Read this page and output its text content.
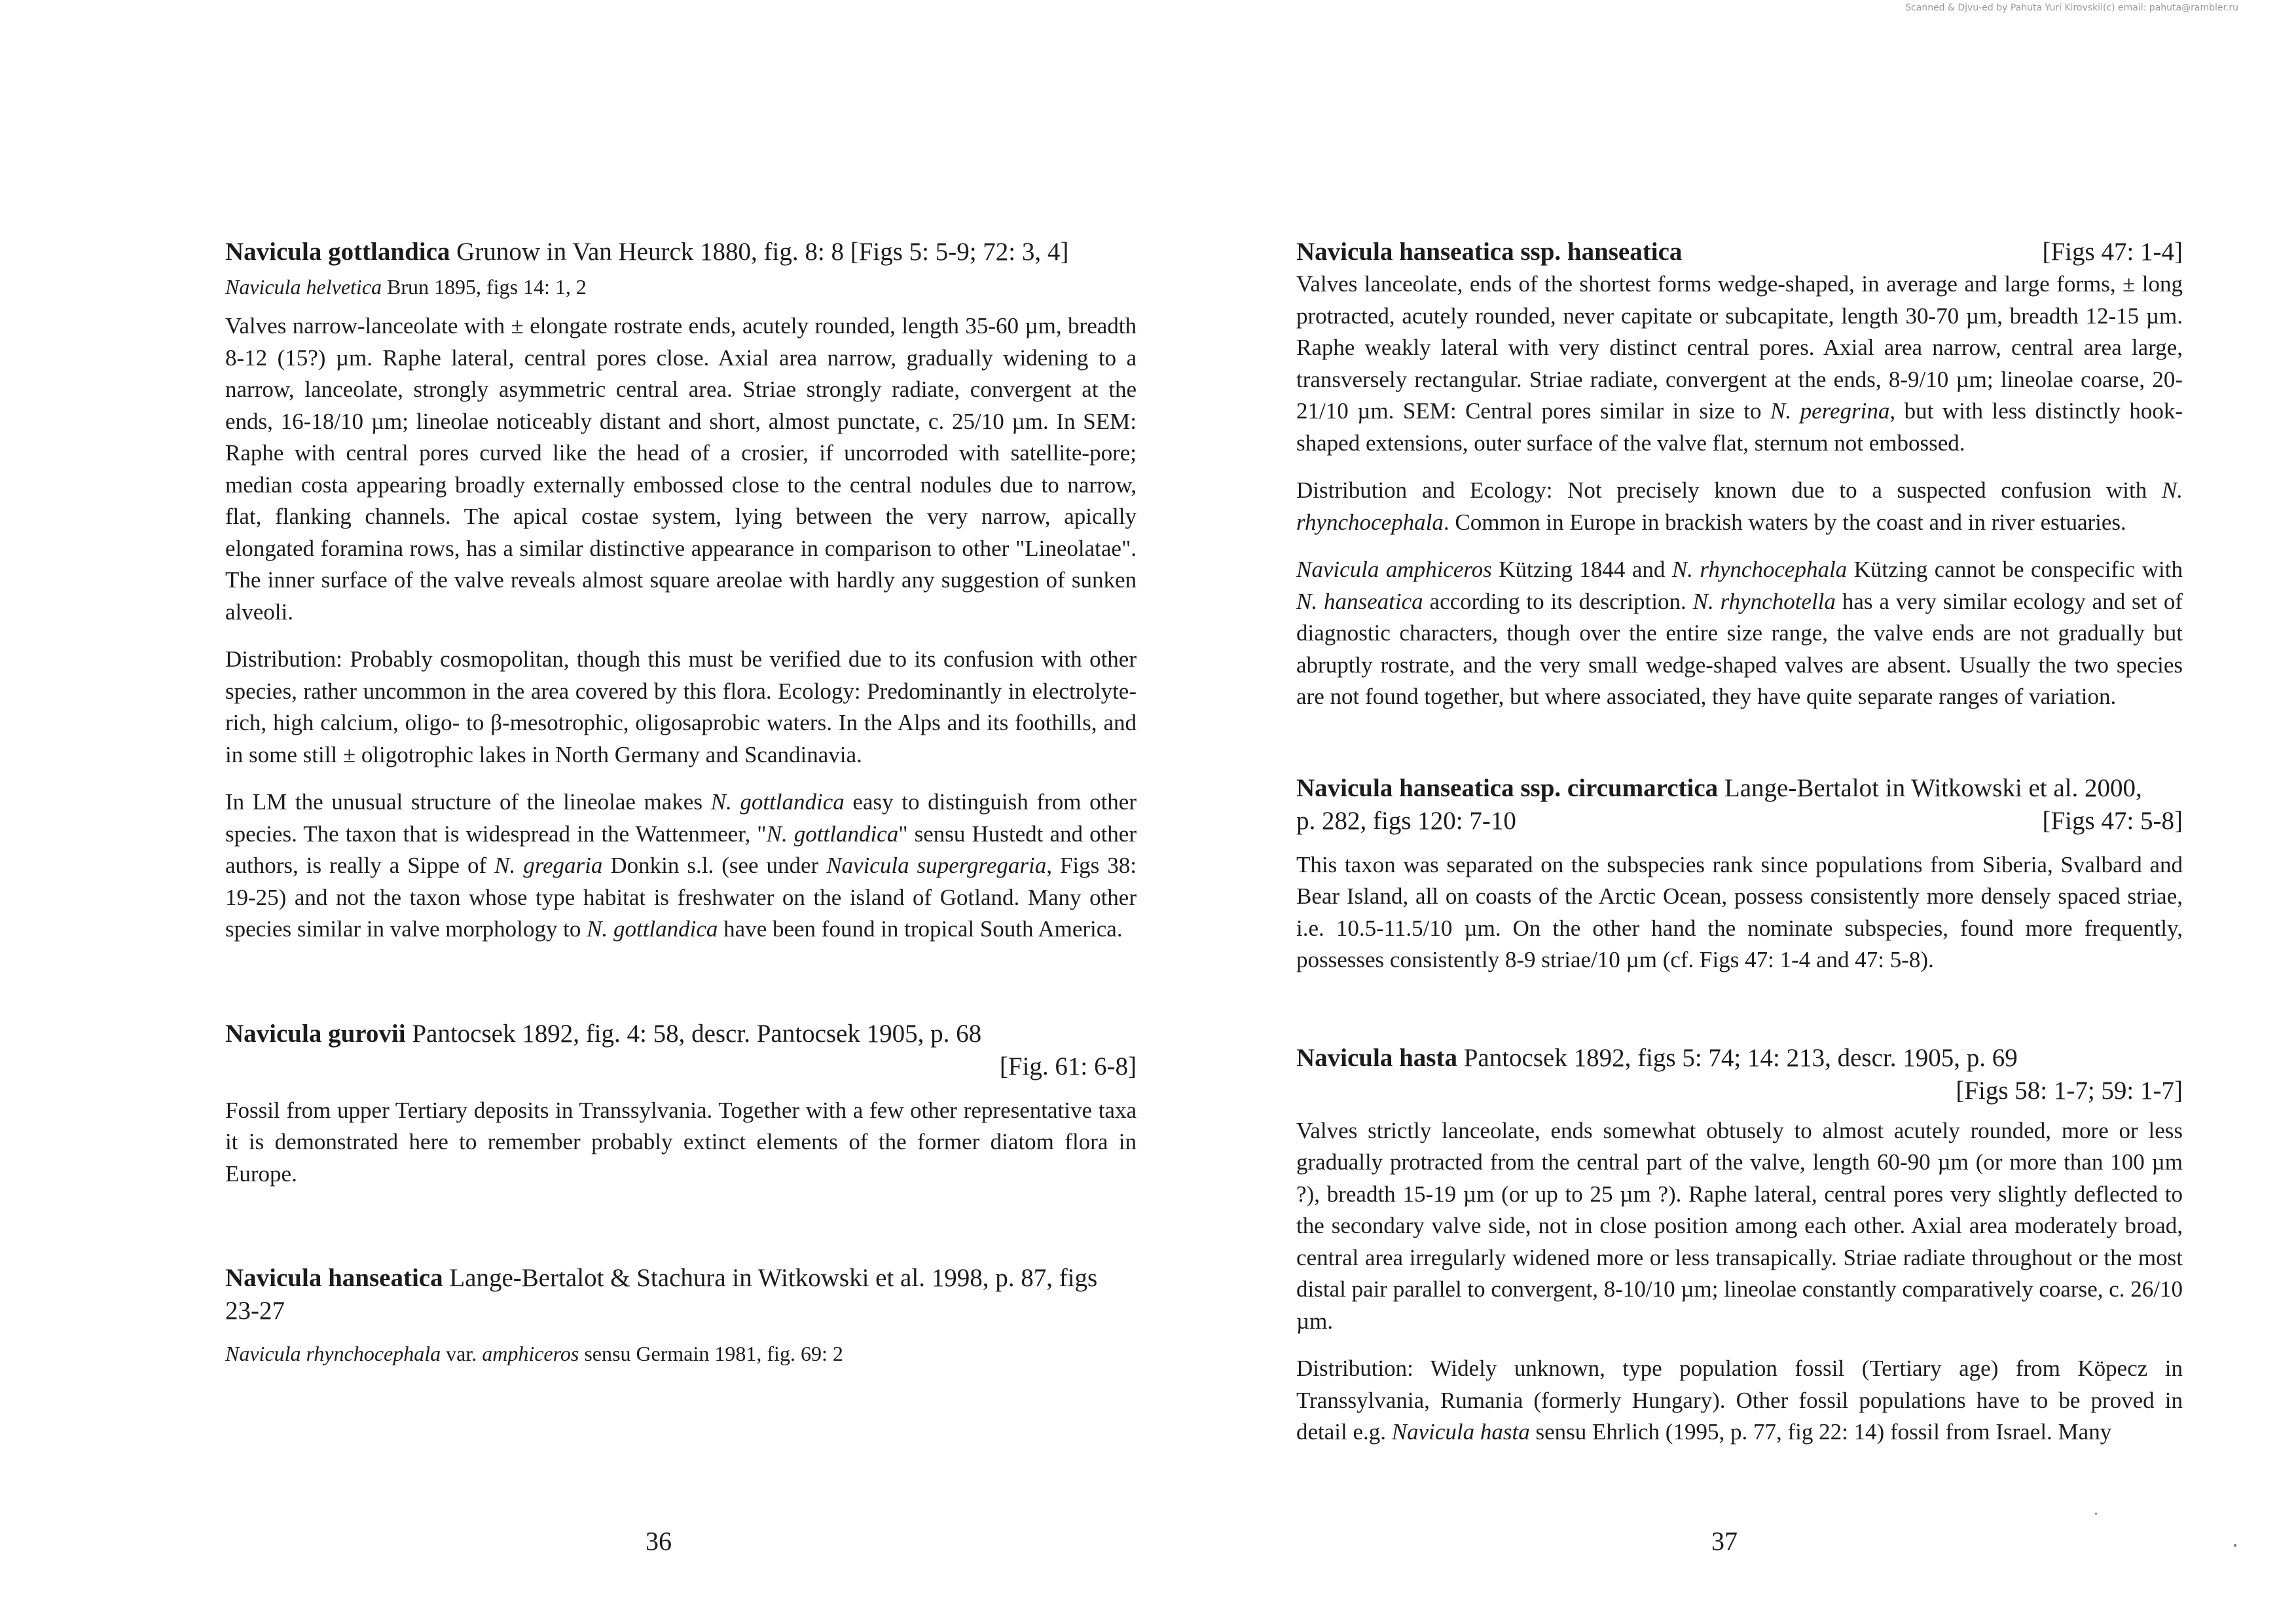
Scanned & Djvu-ed by Pahuta Yuri Kirovskii(c) email: pahuta@rambler.ru
Navicula gottlandica Grunow in Van Heurck 1880, fig. 8: 8 [Figs 5: 5-9; 72: 3, 4]
Navicula helvetica Brun 1895, figs 14: 1, 2

Valves narrow-lanceolate with ± elongate rostrate ends, acutely rounded, length 35-60 µm, breadth 8-12 (15?) µm. Raphe lateral, central pores close. Axial area narrow, gradually widening to a narrow, lanceolate, strongly asymmetric central area. Striae strongly radiate, convergent at the ends, 16-18/10 µm; lineolae noticeably distant and short, almost punctate, c. 25/10 µm. In SEM: Raphe with central pores curved like the head of a crosier, if uncorroded with satellite-pore; median costa appearing broadly externally embossed close to the central nodules due to narrow, flat, flanking channels. The apical costae system, lying between the very narrow, apically elongated foramina rows, has a similar distinctive appearance in comparison to other "Lineolatae". The inner surface of the valve reveals almost square areolae with hardly any suggestion of sunken alveoli.

Distribution: Probably cosmopolitan, though this must be verified due to its confusion with other species, rather uncommon in the area covered by this flora. Ecology: Predominantly in electrolyte-rich, high calcium, oligo- to β-mesotrophic, oligosaprobic waters. In the Alps and its foothills, and in some still ± oligotrophic lakes in North Germany and Scandinavia.

In LM the unusual structure of the lineolae makes N. gottlandica easy to distinguish from other species. The taxon that is widespread in the Wattenmeer, "N. gottlandica" sensu Hustedt and other authors, is really a Sippe of N. gregaria Donkin s.l. (see under Navicula supergregaria, Figs 38: 19-25) and not the taxon whose type habitat is freshwater on the island of Gotland. Many other species similar in valve morphology to N. gottlandica have been found in tropical South America.

Navicula gurovii Pantocsek 1892, fig. 4: 58, descr. Pantocsek 1905, p. 68
[Fig. 61: 6-8]

Fossil from upper Tertiary deposits in Transsylvania. Together with a few other representative taxa it is demonstrated here to remember probably extinct elements of the former diatom flora in Europe.

Navicula hanseatica Lange-Bertalot & Stachura in Witkowski et al. 1998, p. 87, figs 23-27
Navicula rhynchocephala var. amphiceros sensu Germain 1981, fig. 69: 2
Navicula hanseatica ssp. hanseatica	[Figs 47: 1-4]

Valves lanceolate, ends of the shortest forms wedge-shaped, in average and large forms, ± long protracted, acutely rounded, never capitate or subcapitate, length 30-70 µm, breadth 12-15 µm. Raphe weakly lateral with very distinct central pores. Axial area narrow, central area large, transversely rectangular. Striae radiate, convergent at the ends, 8-9/10 µm; lineolae coarse, 20-21/10 µm. SEM: Central pores similar in size to N. peregrina, but with less distinctly hook-shaped extensions, outer surface of the valve flat, sternum not embossed.

Distribution and Ecology: Not precisely known due to a suspected confusion with N. rhynchocephala. Common in Europe in brackish waters by the coast and in river estuaries.

Navicula amphiceros Kützing 1844 and N. rhynchocephala Kützing cannot be conspecific with N. hanseatica according to its description. N. rhynchotella has a very similar ecology and set of diagnostic characters, though over the entire size range, the valve ends are not gradually but abruptly rostrate, and the very small wedge-shaped valves are absent. Usually the two species are not found together, but where associated, they have quite separate ranges of variation.

Navicula hanseatica ssp. circumarctica Lange-Bertalot in Witkowski et al. 2000,
p. 282, figs 120: 7-10	[Figs 47: 5-8]

This taxon was separated on the subspecies rank since populations from Siberia, Svalbard and Bear Island, all on coasts of the Arctic Ocean, possess consistently more densely spaced striae, i.e. 10.5-11.5/10 µm. On the other hand the nominate subspecies, found more frequently, possesses consistently 8-9 striae/10 µm (cf. Figs 47: 1-4 and 47: 5-8).

Navicula hasta Pantocsek 1892, figs 5: 74; 14: 213, descr. 1905, p. 69
[Figs 58: 1-7; 59: 1-7]

Valves strictly lanceolate, ends somewhat obtusely to almost acutely rounded, more or less gradually protracted from the central part of the valve, length 60-90 µm (or more than 100 µm ?), breadth 15-19 µm (or up to 25 µm ?). Raphe lateral, central pores very slightly deflected to the secondary valve side, not in close position among each other. Axial area moderately broad, central area irregularly widened more or less transapically. Striae radiate throughout or the most distal pair parallel to convergent, 8-10/10 µm; lineolae constantly comparatively coarse, c. 26/10 µm.

Distribution: Widely unknown, type population fossil (Tertiary age) from Köpecz in Transsylvania, Rumania (formerly Hungary). Other fossil populations have to be proved in detail e.g. Navicula hasta sensu Ehrlich (1995, p. 77, fig 22: 14) fossil from Israel. Many

36	37
